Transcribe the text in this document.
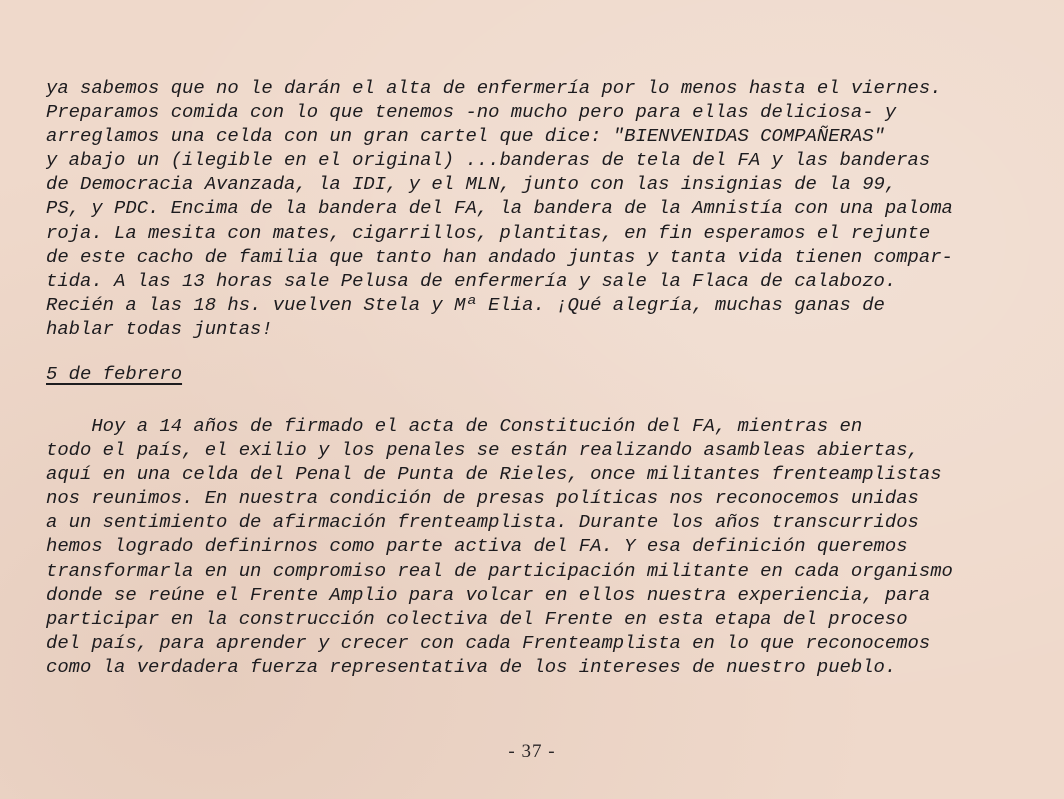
ya sabemos que no le darán el alta de enfermería por lo menos hasta el viernes.
Preparamos comida con lo que tenemos -no mucho pero para ellas deliciosa- y
arreglamos una celda con un gran cartel que dice: "BIENVENIDAS COMPAÑERAS"
y abajo un (ilegible en el original) ...banderas de tela del FA y las banderas
de Democracia Avanzada, la IDI, y el MLN, junto con las insignias de la 99,
PS, y PDC. Encima de la bandera del FA, la bandera de la Amnistía con una paloma
roja. La mesita con mates, cigarrillos, plantitas, en fin esperamos el rejunte
de este cacho de familia que tanto han andado juntas y tanta vida tienen compar-
tida. A las 13 horas sale Pelusa de enfermería y sale la Flaca de calabozo.
Recién a las 18 hs. vuelven Stela y Mª Elia. ¡Qué alegría, muchas ganas de
hablar todas juntas!
5 de febrero
Hoy a 14 años de firmado el acta de Constitución del FA, mientras en
todo el país, el exilio y los penales se están realizando asambleas abiertas,
aquí en una celda del Penal de Punta de Rieles, once militantes frenteamplistas
nos reunimos. En nuestra condición de presas políticas nos reconocemos unidas
a un sentimiento de afirmación frenteamplista. Durante los años transcurridos
hemos logrado definirnos como parte activa del FA. Y esa definición queremos
transformarla en un compromiso real de participación militante en cada organismo
donde se reúne el Frente Amplio para volcar en ellos nuestra experiencia, para
participar en la construcción colectiva del Frente en esta etapa del proceso
del país, para aprender y crecer con cada Frenteamplista en lo que reconocemos
como la verdadera fuerza representativa de los intereses de nuestro pueblo.
- 37 -
